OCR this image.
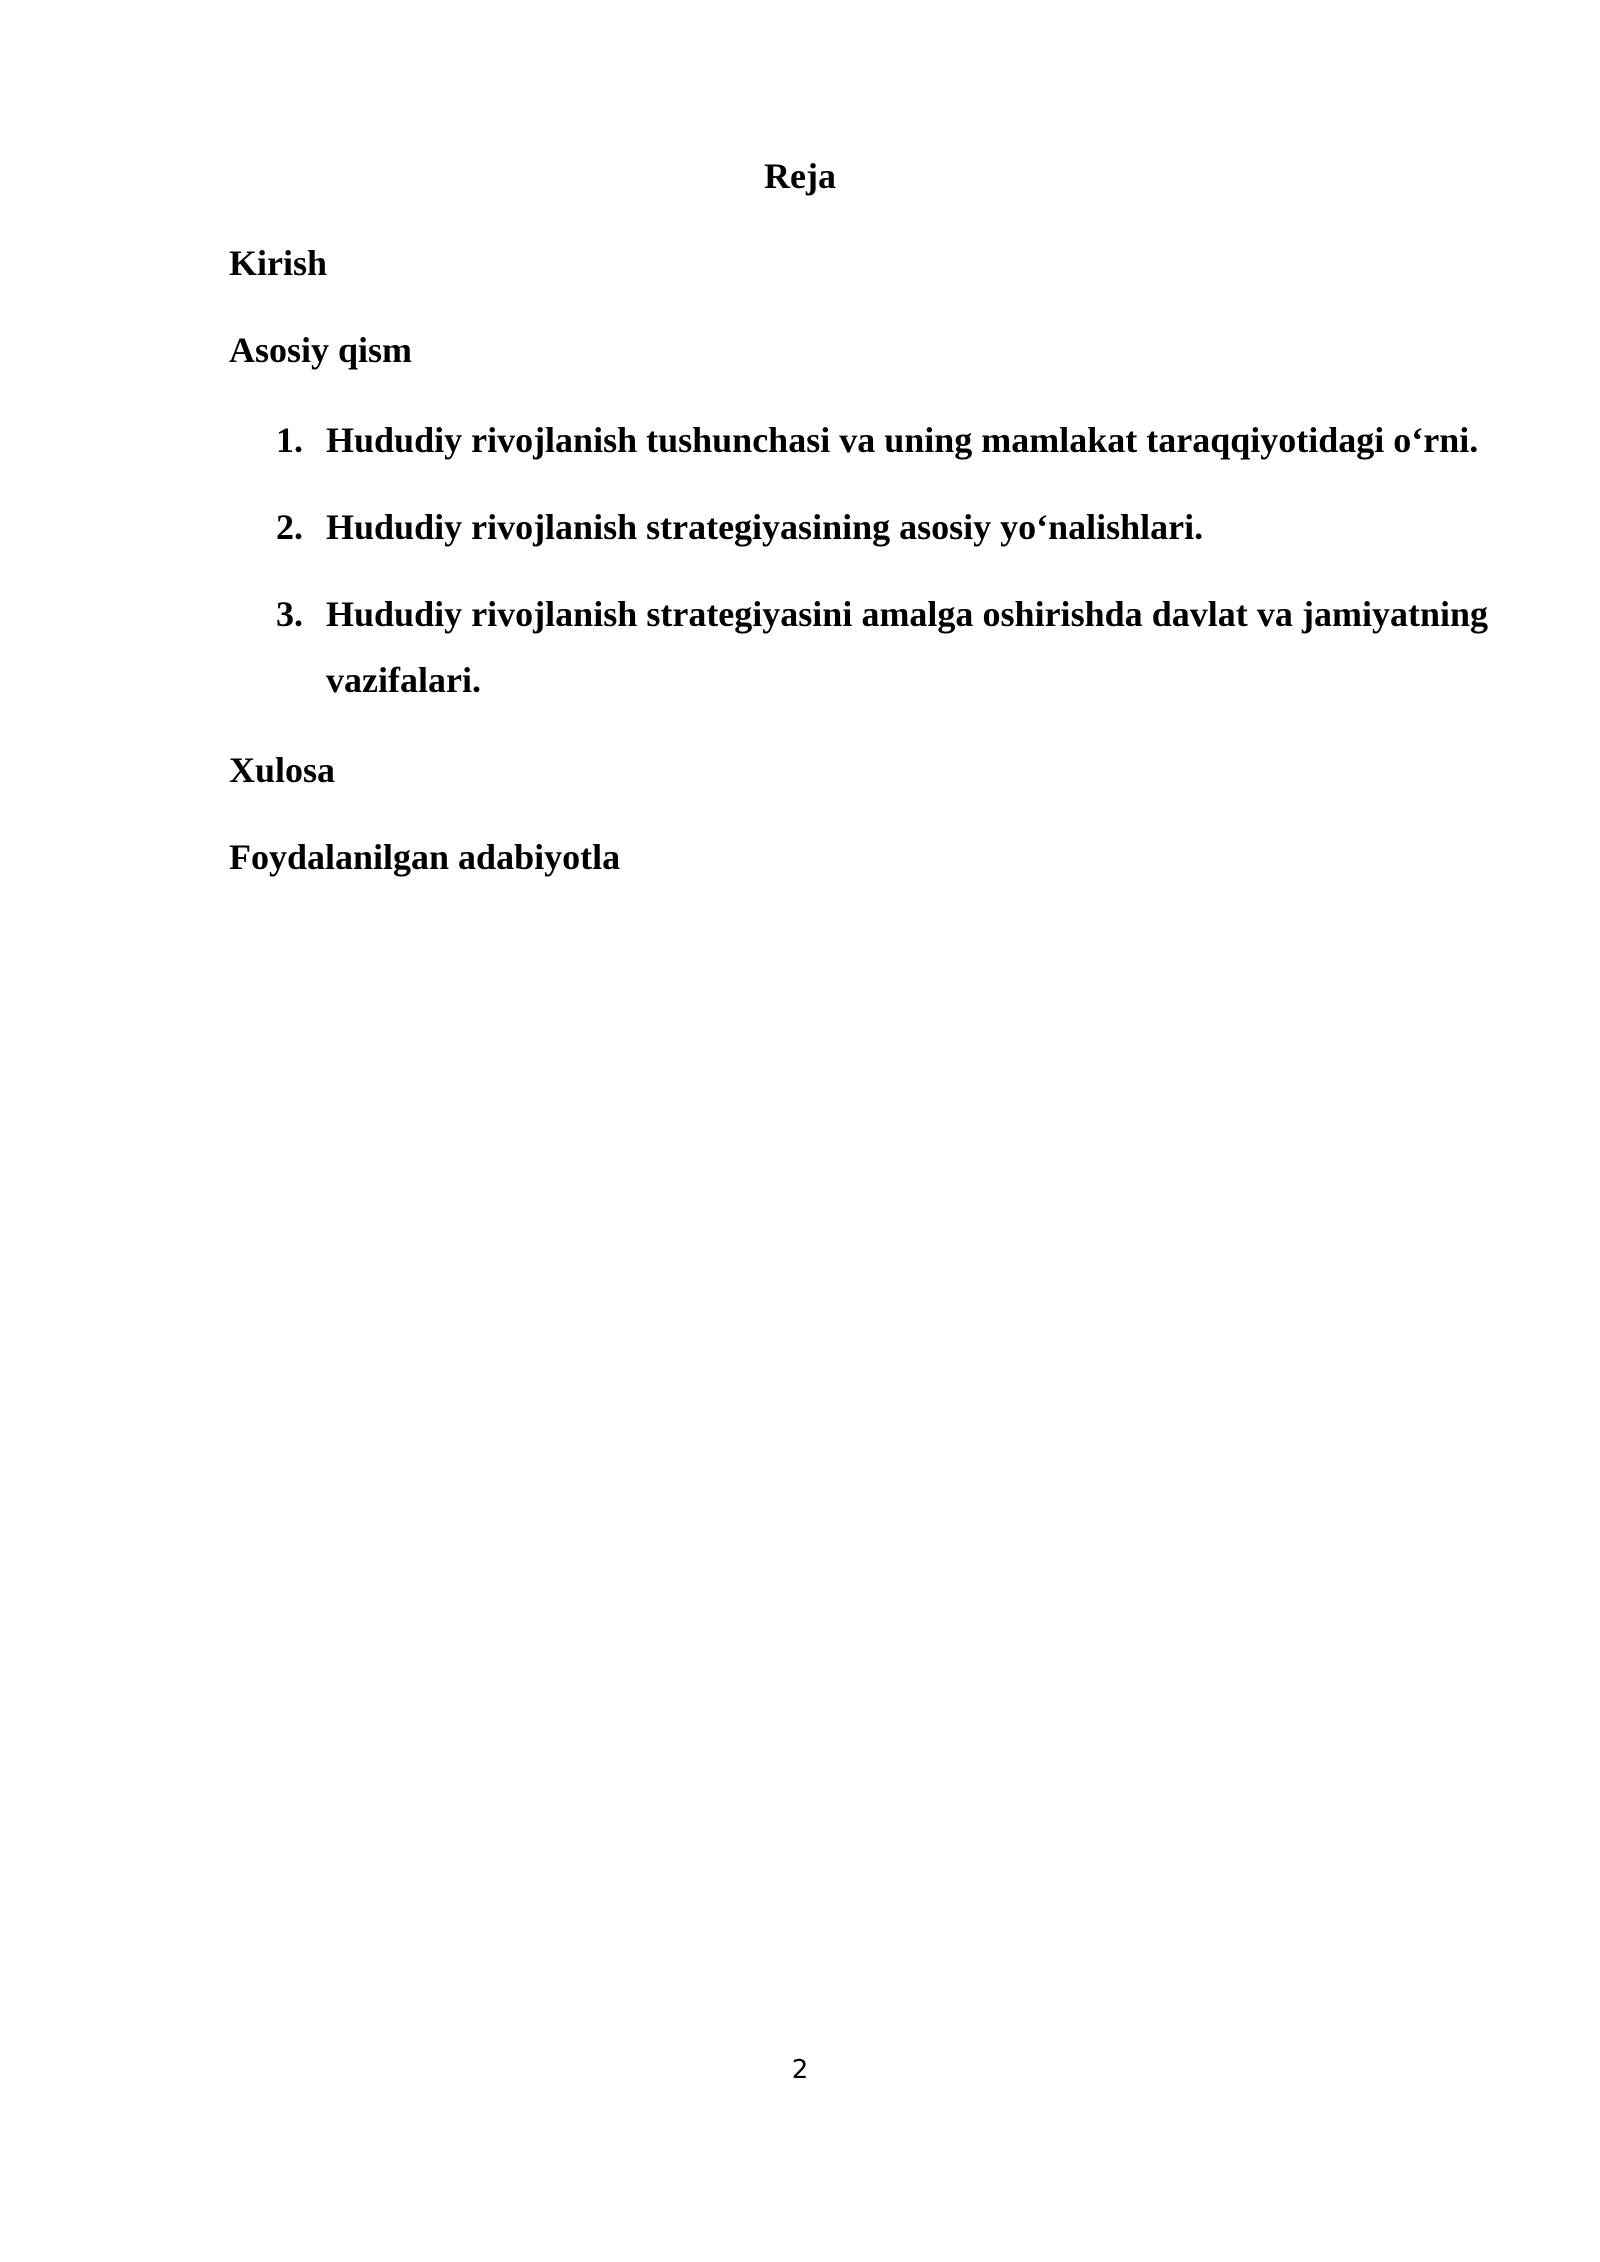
Reja
Kirish
Asosiy qism
1. Hududiy rivojlanish tushunchasi va uning mamlakat taraqqiyotidagi o‘rni.
2. Hududiy rivojlanish strategiyasining asosiy yo‘nalishlari.
3. Hududiy rivojlanish strategiyasini amalga oshirishda davlat va jamiyatning vazifalari.
Xulosa
Foydalanilgan adabiyotla
2
